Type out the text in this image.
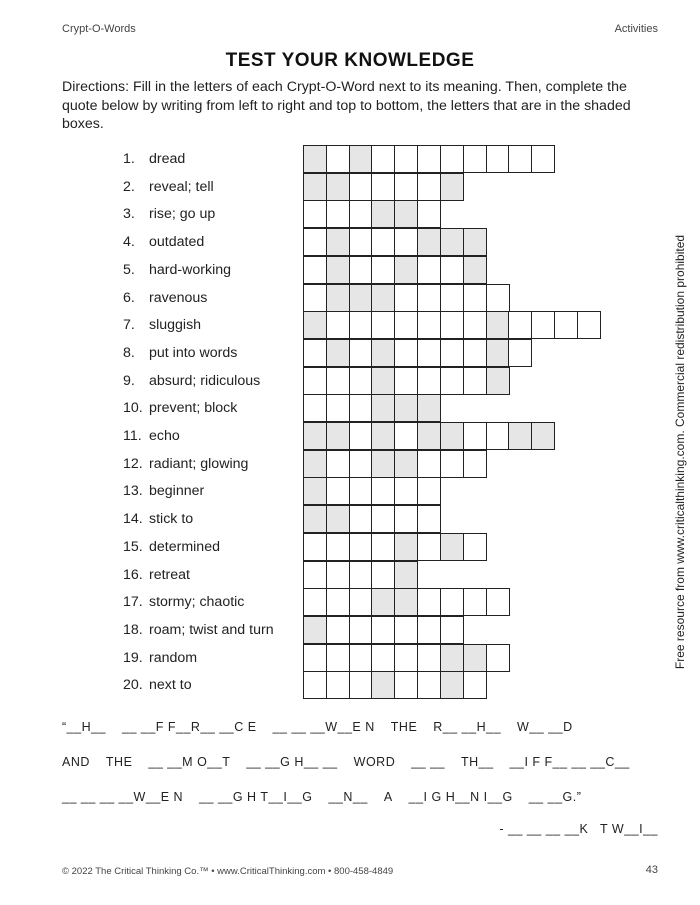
Crypt-O-Words	Activities
TEST YOUR KNOWLEDGE
Directions: Fill in the letters of each Crypt-O-Word next to its meaning. Then, complete the quote below by writing from left to right and top to bottom, the letters that are in the shaded boxes.
1. dread
2. reveal; tell
3. rise; go up
4. outdated
5. hard-working
6. ravenous
7. sluggish
8. put into words
9. absurd; ridiculous
10. prevent; block
11. echo
12. radiant; glowing
13. beginner
14. stick to
15. determined
16. retreat
17. stormy; chaotic
18. roam; twist and turn
19. random
20. next to
“__H__ __ __F F__R__ __C E __ __ __W__E N THE R__ __H__ W__ __D
AND THE __ __M O__T __ __G H__ __ WORD __ __ TH__ __I F F__ __ __C__
__ __ __ __W__E N __ __G H T__I__G __N__ A __I G H__N I__G __ __G.”
- __ __ __ __K   T W__I__
Free resource from www.criticalthinking.com. Commercial redistribution prohibited
© 2022 The Critical Thinking Co.™ • www.CriticalThinking.com • 800-458-4849	43
